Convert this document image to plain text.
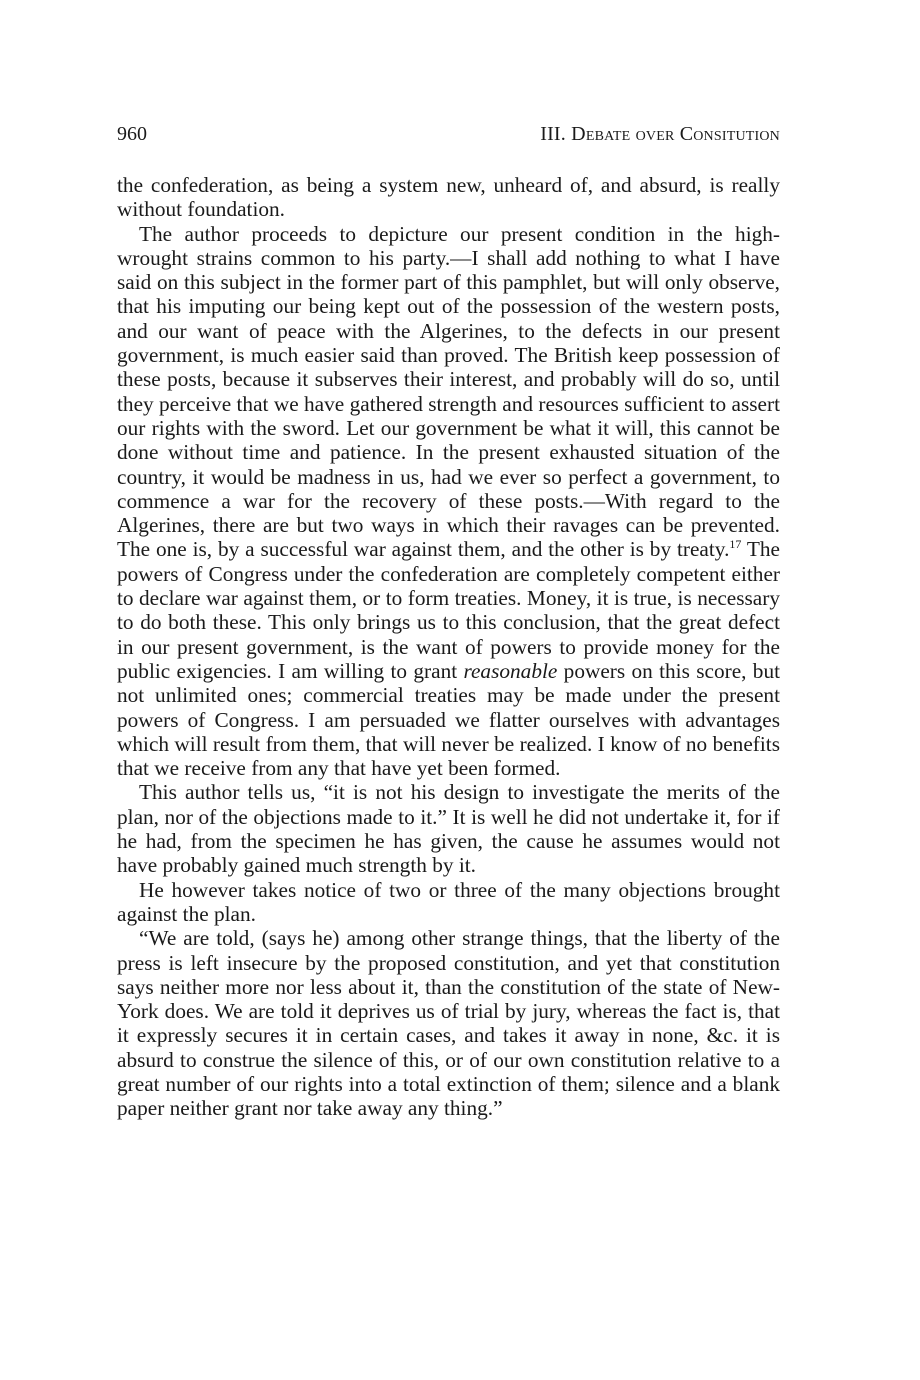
960	III. Debate over Consitution

the confederation, as being a system new, unheard of, and absurd, is really without foundation.

The author proceeds to depicture our present condition in the high-wrought strains common to his party.—I shall add nothing to what I have said on this subject in the former part of this pamphlet, but will only observe, that his imputing our being kept out of the possession of the western posts, and our want of peace with the Algerines, to the defects in our present government, is much easier said than proved. The British keep possession of these posts, because it subserves their interest, and probably will do so, until they perceive that we have gathered strength and resources sufficient to assert our rights with the sword. Let our government be what it will, this cannot be done without time and patience. In the present exhausted situation of the country, it would be madness in us, had we ever so perfect a government, to commence a war for the recovery of these posts.—With regard to the Algerines, there are but two ways in which their ravages can be prevented. The one is, by a successful war against them, and the other is by treaty.$^{17}$ The powers of Congress under the confederation are completely competent either to declare war against them, or to form treaties. Money, it is true, is necessary to do both these. This only brings us to this conclusion, that the great defect in our present government, is the want of powers to provide money for the public exigencies. I am willing to grant reasonable powers on this score, but not unlimited ones; commercial treaties may be made under the present powers of Congress. I am persuaded we flatter ourselves with advantages which will result from them, that will never be realized. I know of no benefits that we receive from any that have yet been formed.

This author tells us, “it is not his design to investigate the merits of the plan, nor of the objections made to it.” It is well he did not undertake it, for if he had, from the specimen he has given, the cause he assumes would not have probably gained much strength by it.

He however takes notice of two or three of the many objections brought against the plan.

“We are told, (says he) among other strange things, that the liberty of the press is left insecure by the proposed constitution, and yet that constitution says neither more nor less about it, than the constitution of the state of New-York does. We are told it deprives us of trial by jury, whereas the fact is, that it expressly secures it in certain cases, and takes it away in none, &c. it is absurd to construe the silence of this, or of our own constitution relative to a great number of our rights into a total extinction of them; silence and a blank paper neither grant nor take away any thing.”
